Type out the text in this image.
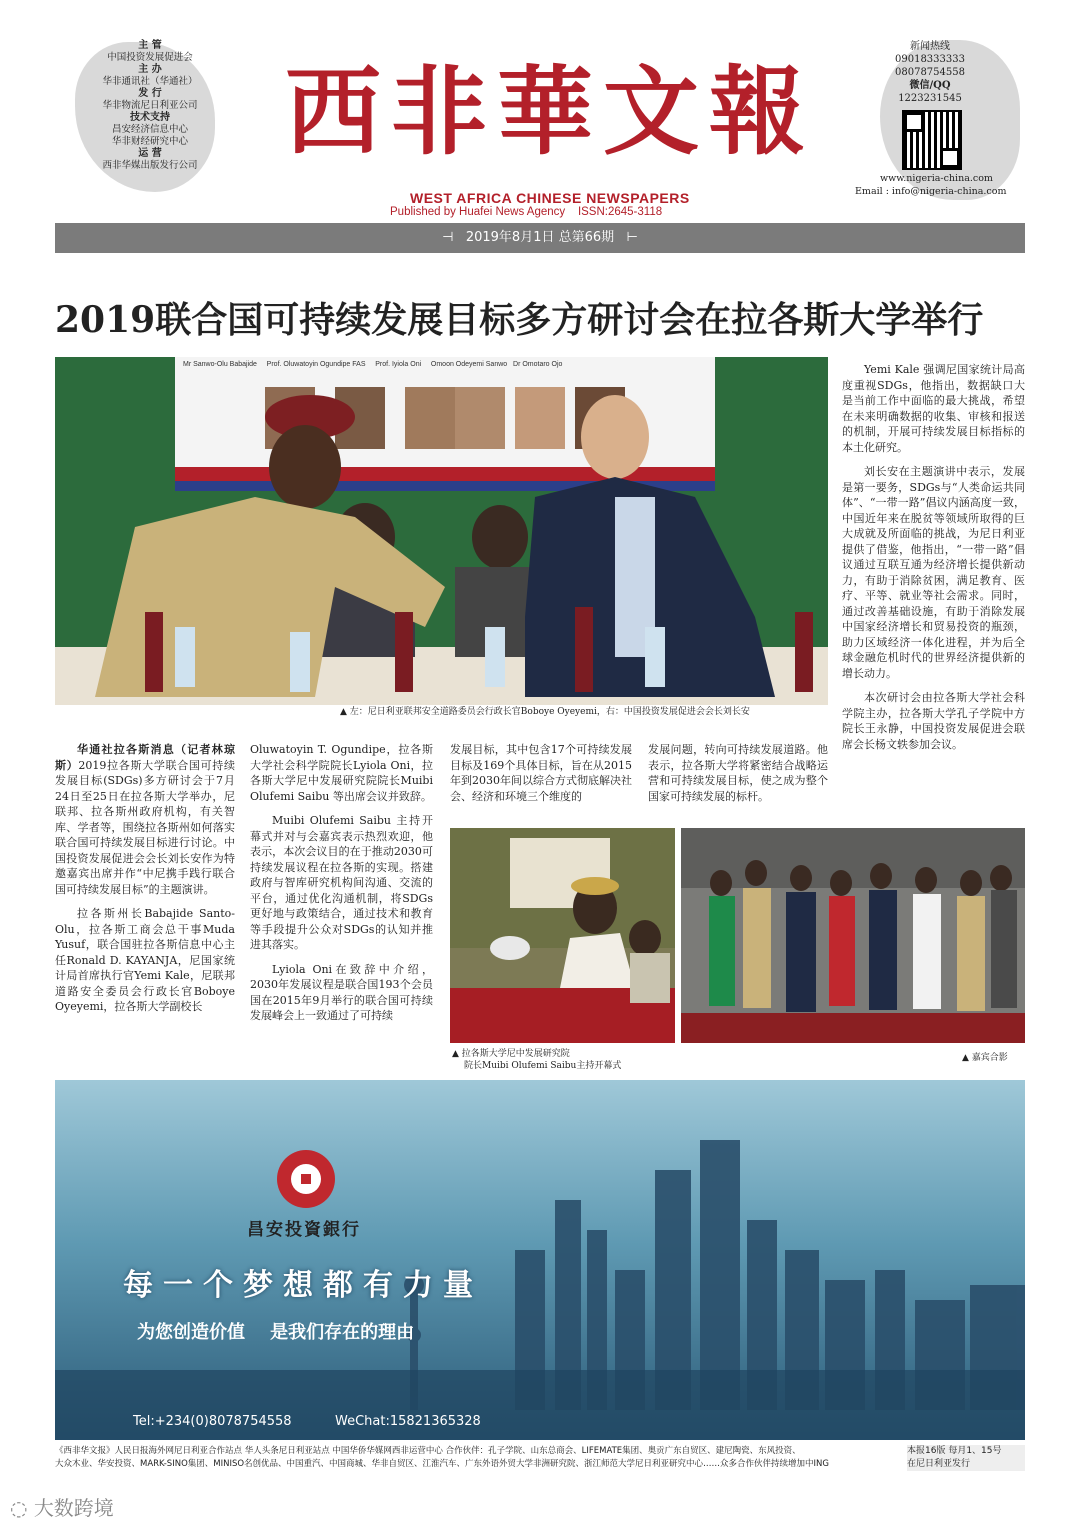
主 管
中国投资发展促进会
主 办
华非通讯社（华通社）
发 行
华非物流尼日利亚公司
技术支持
昌安经济信息中心
华非财经研究中心
运 营
西非华媒出版发行公司 西非華文報
WEST AFRICA CHINESE NEWSPAPERS
Published by Huafei News Agency ISSN:2645-3118
新闻热线
09018333333
08078754558
微信/QQ
1223231545
www.nigeria-china.com
Email : info@nigeria-china.com
⊣   2019年8月1日 总第66期   ⊢
2019联合国可持续发展目标多方研讨会在拉各斯大学举行
Mr Sanwo-Olu Babajide Prof. Oluwatoyin Ogundipe FAS Prof. Iyiola Oni Omoon Odeyemi Sanwo Dr Omotaro Ojo
▲ 左：尼日利亚联邦安全道路委员会行政长官Boboye Oyeyemi，右：中国投资发展促进会会长刘长安

Yemi Kale 强调尼国家统计局高度重视SDGs，他指出，数据缺口大是当前工作中面临的最大挑战，希望在未来明确数据的收集、审核和报送的机制，开展可持续发展目标指标的本土化研究。

刘长安在主题演讲中表示，发展是第一要务，SDGs与“人类命运共同体”、“一带一路”倡议内涵高度一致，中国近年来在脱贫等领域所取得的巨大成就及所面临的挑战，为尼日利亚提供了借鉴，他指出，“一带一路”倡议通过互联互通为经济增长提供新动力，有助于消除贫困，满足教育、医疗、平等、就业等社会需求。同时，通过改善基础设施，有助于消除发展中国家经济增长和贸易投资的瓶颈，助力区域经济一体化进程，并为后全球金融危机时代的世界经济提供新的增长动力。

本次研讨会由拉各斯大学社会科学院主办，拉各斯大学孔子学院中方院长王永静，中国投资发展促进会联席会长杨文轶参加会议。

华通社拉各斯消息（记者林琼斯）2019拉各斯大学联合国可持续发展目标(SDGs)多方研讨会于7月24日至25日在拉各斯大学举办，尼联邦、拉各斯州政府机构，有关智库、学者等，围绕拉各斯州如何落实联合国可持续发展目标进行讨论。中国投资发展促进会会长刘长安作为特邀嘉宾出席并作“中尼携手践行联合国可持续发展目标”的主题演讲。

拉各斯州长Babajide Santo-Olu，拉各斯工商会总干事Muda Yusuf，联合国驻拉各斯信息中心主任Ronald D. KAYANJA，尼国家统计局首席执行官Yemi Kale，尼联邦道路安全委员会行政长官Boboye Oyeyemi，拉各斯大学副校长

Oluwatoyin T. Ogundipe，拉各斯大学社会科学院院长Lyiola Oni，拉各斯大学尼中发展研究院院长Muibi Olufemi Saibu 等出席会议并致辞。

Muibi Olufemi Saibu 主持开幕式并对与会嘉宾表示热烈欢迎，他表示，本次会议目的在于推动2030可持续发展议程在拉各斯的实现。搭建政府与智库研究机构间沟通、交流的平台，通过优化沟通机制，将SDGs更好地与政策结合，通过技术和教育等手段提升公众对SDGs的认知并推进其落实。

Lyiola Oni在致辞中介绍，2030年发展议程是联合国193个会员国在2015年9月举行的联合国可持续发展峰会上一致通过了可持续

发展目标，其中包含17个可持续发展目标及169个具体目标，旨在从2015年到2030年间以综合方式彻底解决社会、经济和环境三个维度的

发展问题，转向可持续发展道路。他表示，拉各斯大学将紧密结合战略运营和可持续发展目标，使之成为整个国家可持续发展的标杆。

▲ 拉各斯大学尼中发展研究院
院长Muibi Olufemi Saibu主持开幕式
▲ 嘉宾合影
昌安投資銀行
每一个梦想都有力量
为您创造价值    是我们存在的理由
Tel:+234(0)8078754558	WeChat:15821365328
《西非华文报》人民日报海外网尼日利亚合作站点 华人头条尼日利亚站点 中国华侨华媒网西非运营中心 合作伙伴：孔子学院、山东总商会、LIFEMATE集团、奥贡广东自贸区、建尼陶瓷、东风投资、
大众木业、华安投资、MARK-SINO集团、MINISO名创优品、中国重汽、中国商城、华非自贸区、江淮汽车、广东外语外贸大学非洲研究院、浙江师范大学尼日利亚研究中心……众多合作伙伴持续增加中ING
本报16版 每月1、15号
在尼日利亚发行
◌ 大数跨境
